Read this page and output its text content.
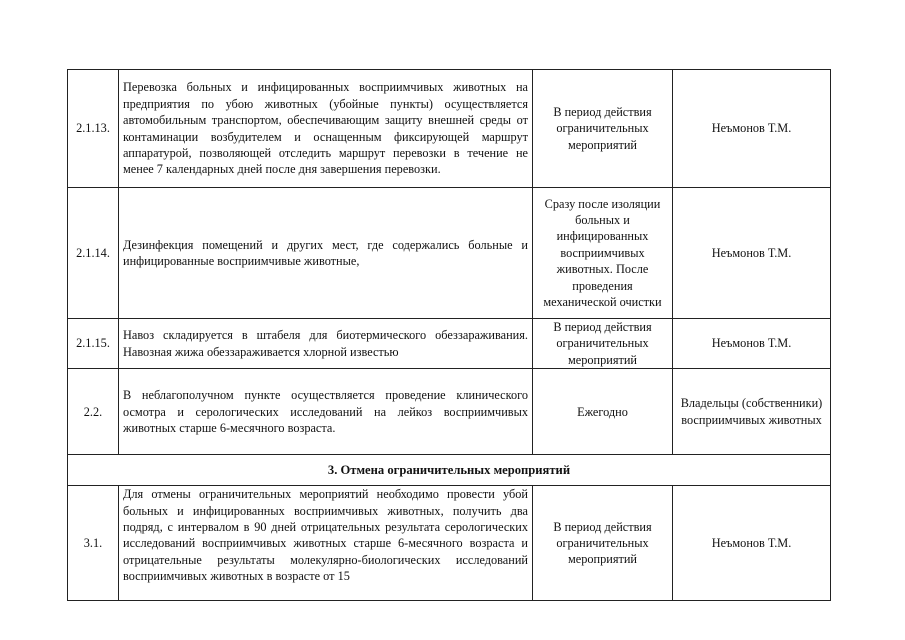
2.1.13.	Перевозка больных и инфицированных восприимчивых животных на предприятия по убою животных (убойные пункты) осуществляется автомобильным транспортом, обеспечивающим защиту внешней среды от контаминации возбудителем и оснащенным фиксирующей маршрут аппаратурой, позволяющей отследить маршрут перевозки в течение не менее 7 календарных дней после дня завершения перевозки.	В период действия ограничительных мероприятий	Неъмонов Т.М.
2.1.14.	Дезинфекция помещений и других мест, где содержались больные и инфицированные восприимчивые животные,	Сразу после изоляции больных и инфицированных восприимчивых животных. После проведения механической очистки	Неъмонов Т.М.
2.1.15.	Навоз складируется в штабеля для биотермического обеззараживания. Навозная жижа обеззараживается хлорной известью	В период действия ограничительных мероприятий	Неъмонов Т.М.
2.2.	В неблагополучном пункте осуществляется проведение клинического осмотра и серологических исследований на лейкоз восприимчивых животных старше 6-месячного возраста.	Ежегодно	Владельцы (собственники) восприимчивых животных
3. Отмена ограничительных мероприятий			
3.1.	Для отмены ограничительных мероприятий необходимо провести убой больных и инфицированных восприимчивых животных, получить два подряд, с интервалом в 90 дней отрицательных результата серологических исследований восприимчивых животных старше 6-месячного возраста и отрицательные результаты молекулярно-биологических исследований восприимчивых животных в возрасте от 15	В период действия ограничительных мероприятий	Неъмонов Т.М.
